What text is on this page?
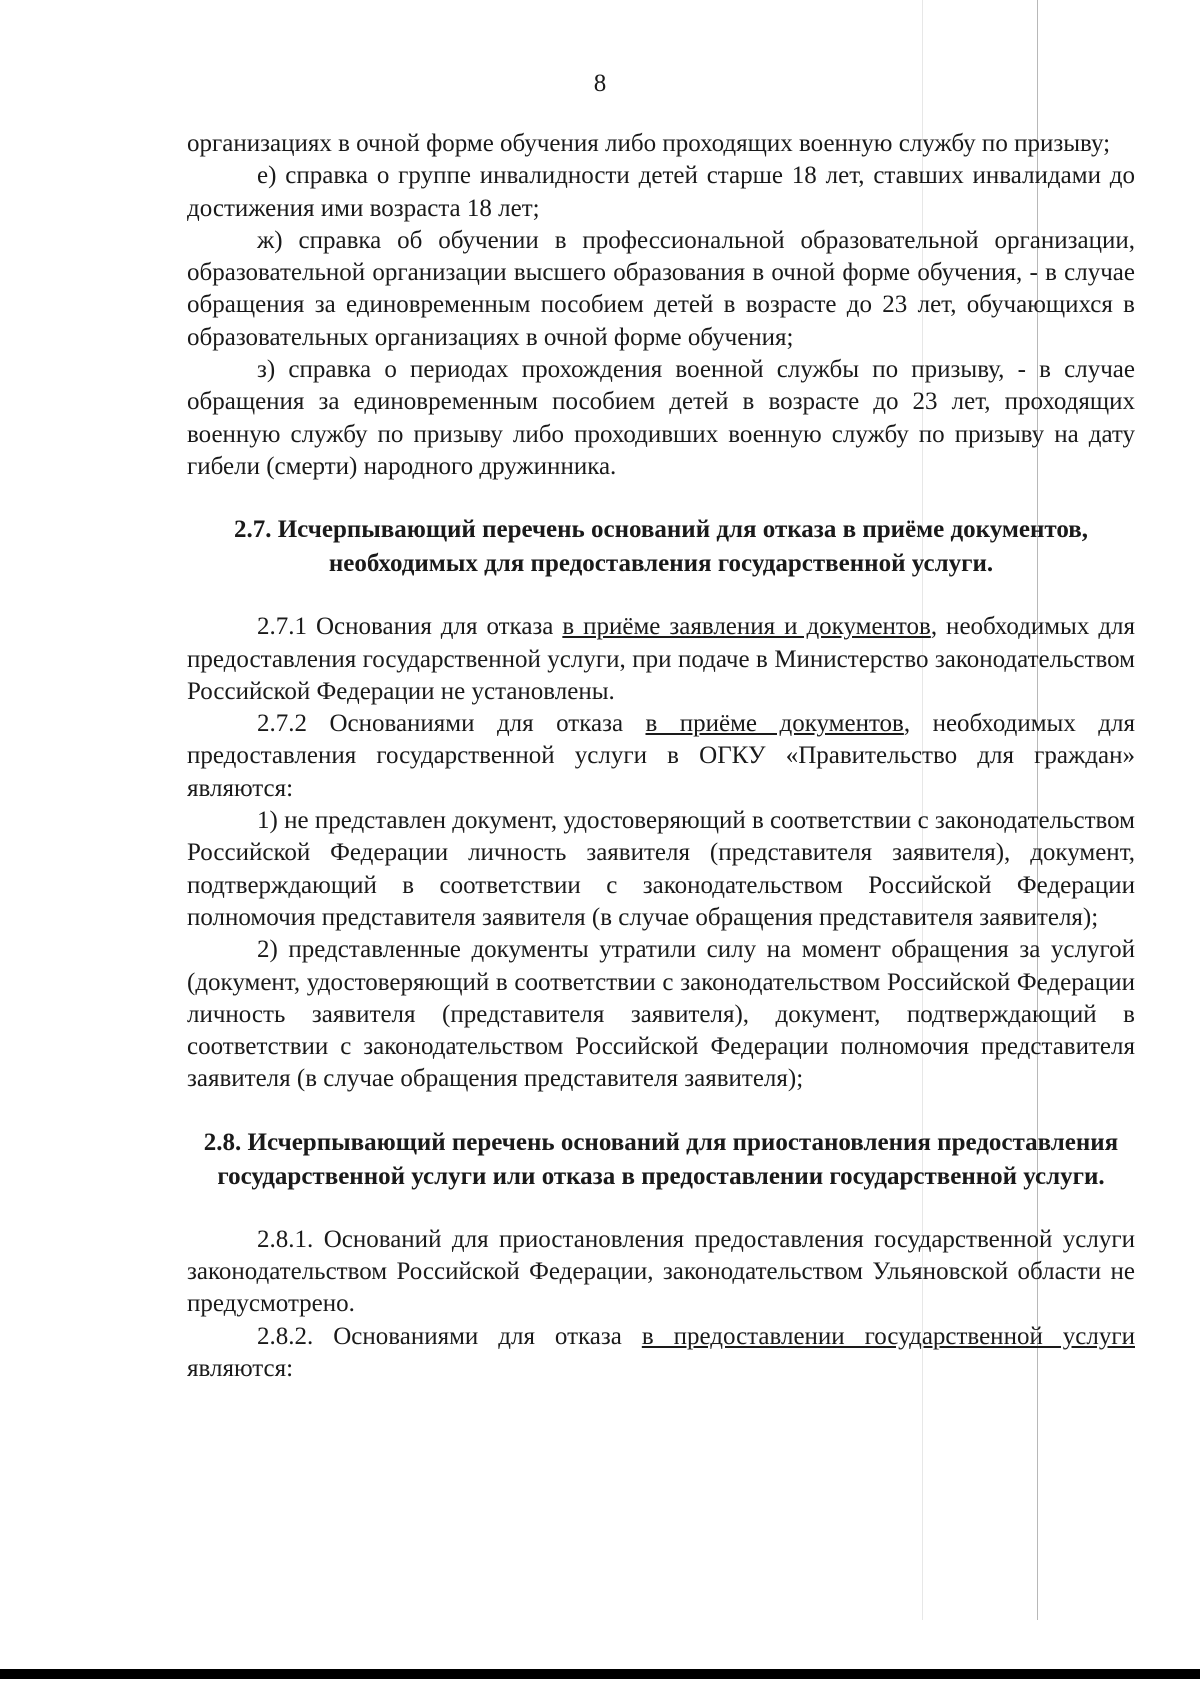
8

организациях в очной форме обучения либо проходящих военную службу по призыву;

е) справка о группе инвалидности детей старше 18 лет, ставших инвалидами до достижения ими возраста 18 лет;

ж) справка об обучении в профессиональной образовательной организации, образовательной организации высшего образования в очной форме обучения, - в случае обращения за единовременным пособием детей в возрасте до 23 лет, обучающихся в образовательных организациях в очной форме обучения;

з) справка о периодах прохождения военной службы по призыву, - в случае обращения за единовременным пособием детей в возрасте до 23 лет, проходящих военную службу по призыву либо проходивших военную службу по призыву на дату гибели (смерти) народного дружинника.

2.7. Исчерпывающий перечень оснований для отказа в приёме документов, необходимых для предоставления государственной услуги.

2.7.1 Основания для отказа в приёме заявления и документов, необходимых для предоставления государственной услуги, при подаче в Министерство законодательством Российской Федерации не установлены.

2.7.2 Основаниями для отказа в приёме документов, необходимых для предоставления государственной услуги в ОГКУ «Правительство для граждан» являются:

1) не представлен документ, удостоверяющий в соответствии с законодательством Российской Федерации личность заявителя (представителя заявителя), документ, подтверждающий в соответствии с законодательством Российской Федерации полномочия представителя заявителя (в случае обращения представителя заявителя);

2) представленные документы утратили силу на момент обращения за услугой (документ, удостоверяющий в соответствии с законодательством Российской Федерации личность заявителя (представителя заявителя), документ, подтверждающий в соответствии с законодательством Российской Федерации полномочия представителя заявителя (в случае обращения представителя заявителя);

2.8. Исчерпывающий перечень оснований для приостановления предоставления государственной услуги или отказа в предоставлении государственной услуги.

2.8.1. Оснований для приостановления предоставления государственной услуги законодательством Российской Федерации, законодательством Ульяновской области не предусмотрено.

2.8.2. Основаниями для отказа в предоставлении государственной услуги являются:
